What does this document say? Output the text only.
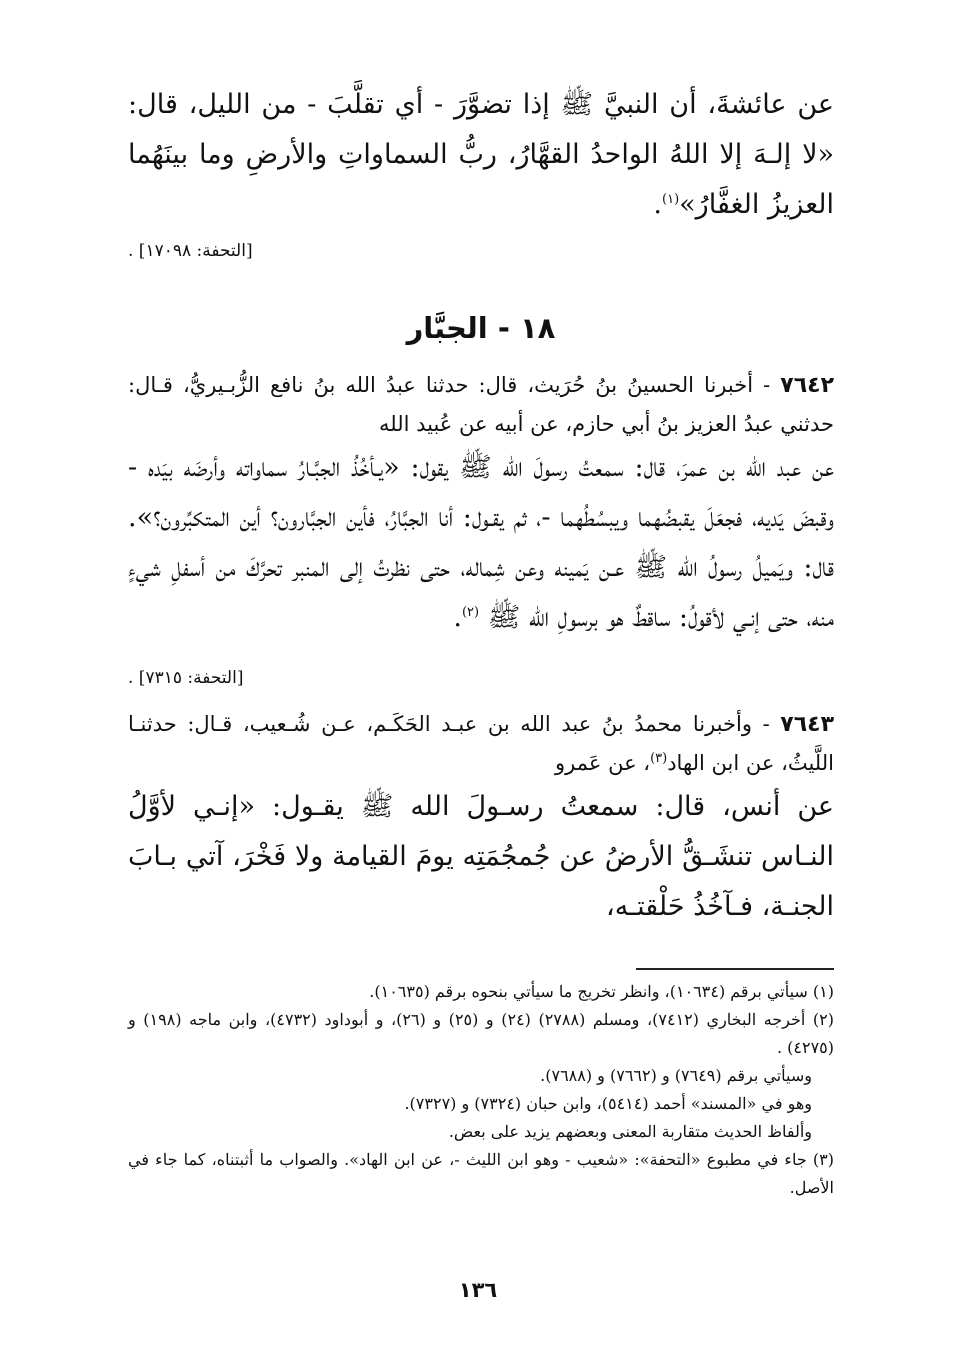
عن عائشةَ، أن النبيَّ ﷺ إذا تضوَّرَ - أي تقلَّبَ - من الليل، قال: «لا إلـهَ إلا اللهُ الواحدُ القهَّارُ، ربُّ السماواتِ والأرضِ وما بينَهُما العزيزُ الغفَّارُ»$^{(١)}$.

[التحفة: ١٧٠٩٨] .
١٨ - الجبَّار

٧٦٤٢ - أخبرنا الحسينُ بنُ حُرَيث، قال: حدثنا عبدُ الله بنُ نافع الزُّبـيريُّ، قـال: حدثني عبدُ العزيز بنُ أبي حازم، عن أبيه عن عُبيد الله

عن عبد الله بن عمرَ، قال: سمعتُ رسولَ الله ﷺ يقول: «يـأخُذُ الجبَّـارُ سماواته وأرضَه بيَده - وقبضَ يَديه، فجعَلَ يقبضُهما ويبسُطُهما -، ثم يقـول: أنا الجبَّارُ، فأين الجبَّارون؟ أين المتكبِّرون؟». قال: ويَميلُ رسولُ الله ﷺ عـن يَمينه وعن شِماله، حتى نظرتُ إلى المنبر تحرَّكَ من أسفلِ شيءٍ منه، حتى إنـي لأقولُ: ساقطٌ هو برسولِ الله ﷺ $^{(٢)}$.

[التحفة: ٧٣١٥] .

٧٦٤٣ - وأخبرنا محمدُ بنُ عبد الله بن عبـد الحَكَـم، عـن شُـعيب، قـال: حدثنـا اللَّيثُ، عن ابن الهاد$^{(٣)}$، عن عَمرو

عن أنس، قال: سمعتُ رسـولَ الله ﷺ يقـول: «إنـي لأوَّلُ النـاس تنشَـقُّ الأرضُ عن جُمجُمَتِه يومَ القيامة ولا فَخْرَ، آتي بـابَ الجنـة، فـآخُذُ حَلْقتـه،

(١) سيأتي برقم (١٠٦٣٤)، وانظر تخريج ما سيأتي بنحوه برقم (١٠٦٣٥).

(٢) أخرجه البخاري (٧٤١٢)، ومسلم (٢٧٨٨) (٢٤) و (٢٥) و (٢٦)، و أبوداود (٤٧٣٢)، وابن ماجه (١٩٨) و (٤٢٧٥) .

وسيأتي برقم (٧٦٤٩) و (٧٦٦٢) و (٧٦٨٨).

وهو في «المسند» أحمد (٥٤١٤)، وابن حبان (٧٣٢٤) و (٧٣٢٧).

وألفاظ الحديث متقاربة المعنى وبعضهم يزيد على بعض.

(٣) جاء في مطبوع «التحفة»: «شعيب - وهو ابن الليث -، عن ابن الهاد». والصواب ما أثبتناه، كما جاء في الأصل.

١٣٦
